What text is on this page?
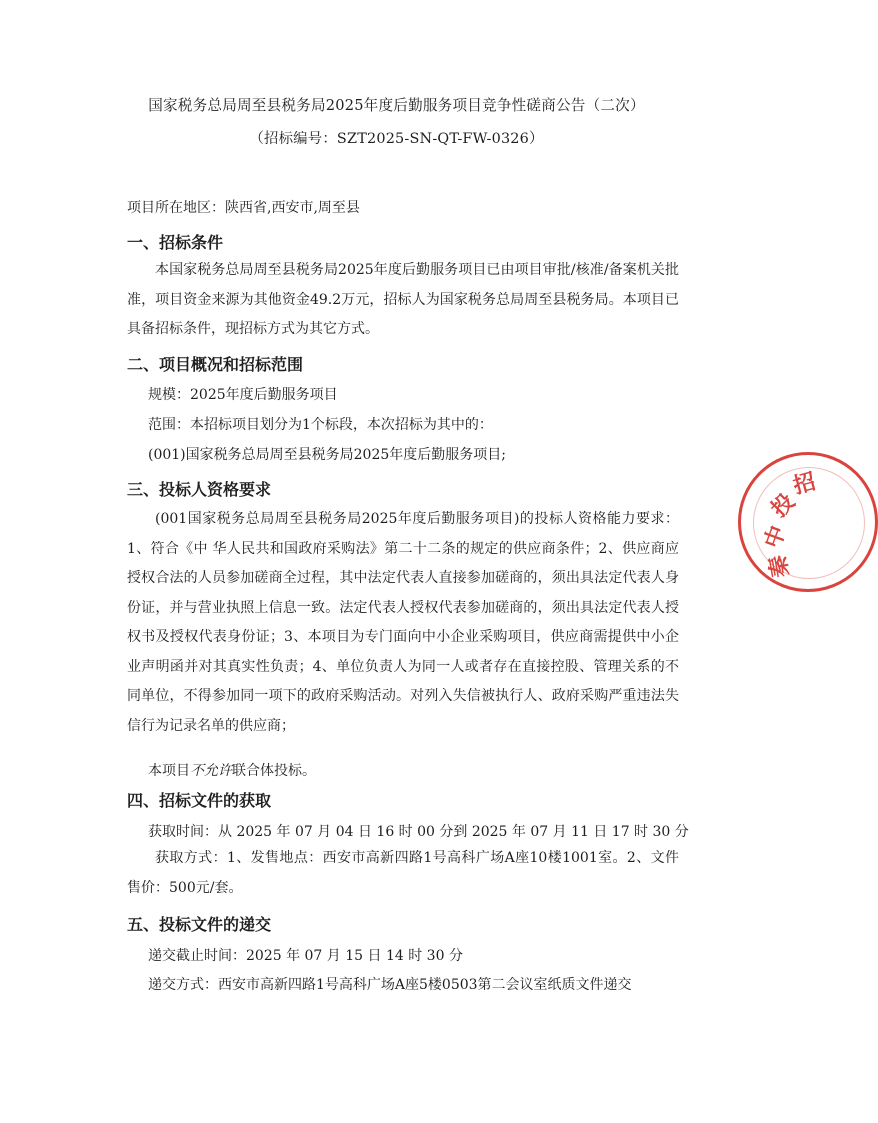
国家税务总局周至县税务局2025年度后勤服务项目竞争性磋商公告（二次）
（招标编号：SZT2025-SN-QT-FW-0326）
项目所在地区：陕西省,西安市,周至县
一、招标条件
本国家税务总局周至县税务局2025年度后勤服务项目已由项目审批/核准/备案机关批准，项目资金来源为其他资金49.2万元，招标人为国家税务总局周至县税务局。本项目已具备招标条件，现招标方式为其它方式。
二、项目概况和招标范围
规模：2025年度后勤服务项目
范围：本招标项目划分为1个标段，本次招标为其中的：
(001)国家税务总局周至县税务局2025年度后勤服务项目;
三、投标人资格要求
(001国家税务总局周至县税务局2025年度后勤服务项目)的投标人资格能力要求：1、符合《中 华人民共和国政府采购法》第二十二条的规定的供应商条件；2、供应商应授权合法的人员参加磋商全过程，其中法定代表人直接参加磋商的，须出具法定代表人身份证，并与营业执照上信息一致。法定代表人授权代表参加磋商的，须出具法定代表人授权书及授权代表身份证；3、本项目为专门面向中小企业采购项目，供应商需提供中小企业声明函并对其真实性负责；4、单位负责人为同一人或者存在直接控股、管理关系的不同单位，不得参加同一项下的政府采购活动。对列入失信被执行人、政府采购严重违法失信行为记录名单的供应商；
本项目不允许联合体投标。
四、招标文件的获取
获取时间：从 2025 年 07 月 04 日 16 时 00 分到 2025 年 07 月 11 日 17 时 30 分
获取方式：1、发售地点：西安市高新四路1号高科广场A座10楼1001室。2、文件售价：500元/套。
五、投标文件的递交
递交截止时间：2025 年 07 月 15 日 14 时 30 分
递交方式：西安市高新四路1号高科广场A座5楼0503第二会议室纸质文件递交
中
投
招
秦
